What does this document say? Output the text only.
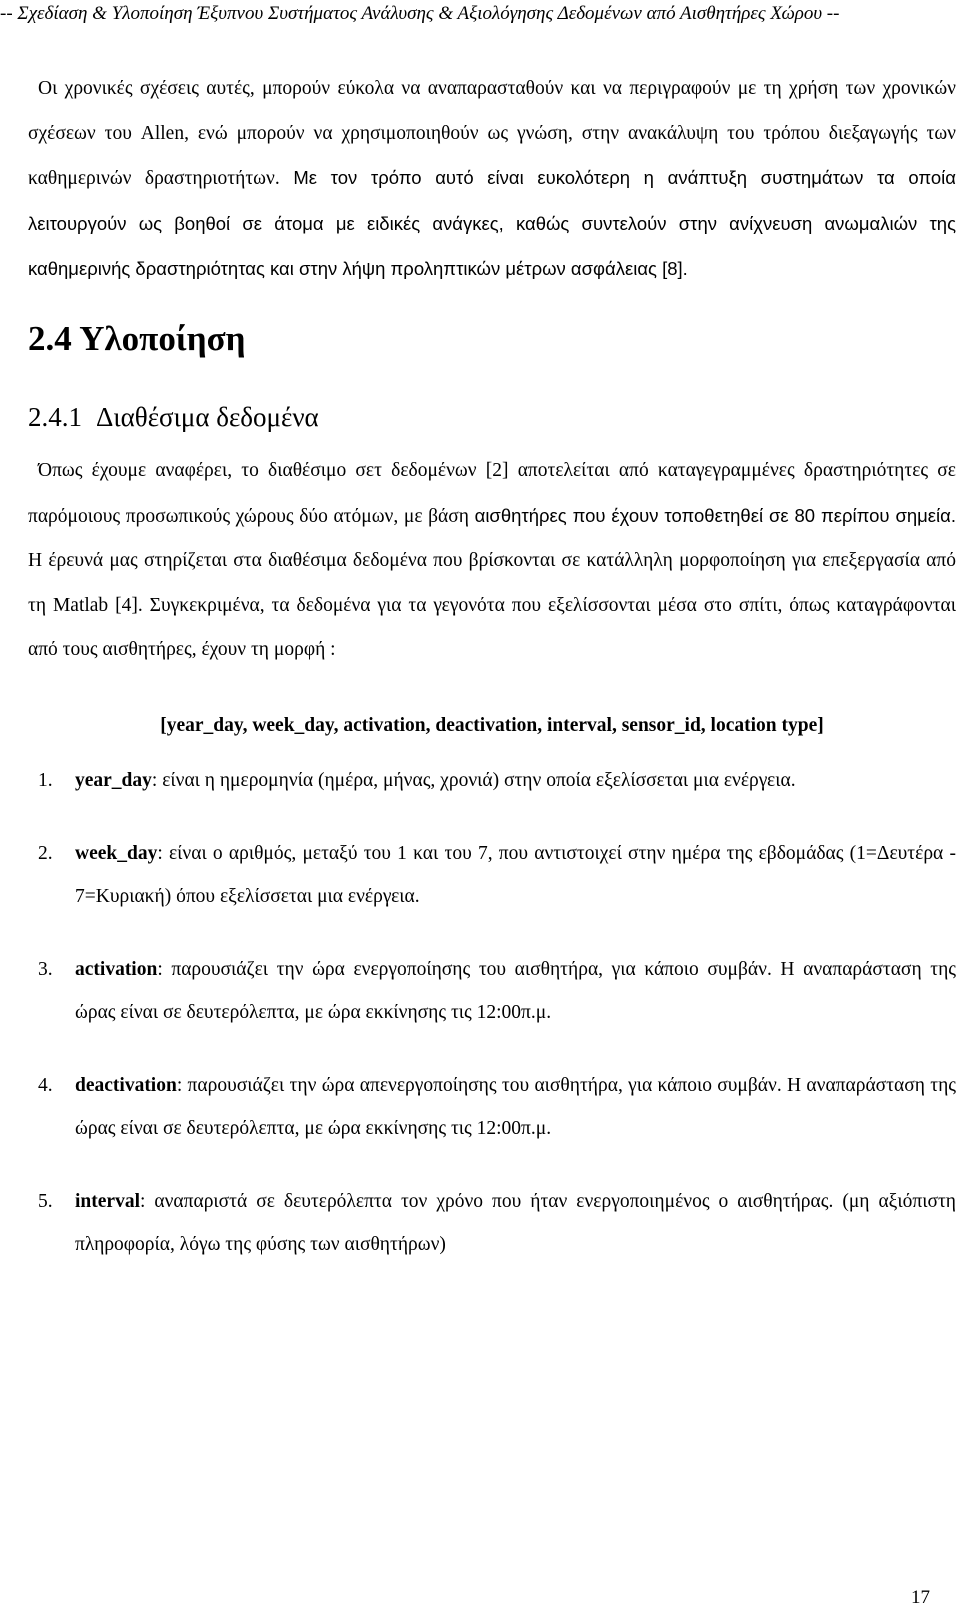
-- Σχεδίαση & Υλοποίηση Έξυπνου Συστήματος Ανάλυσης & Αξιολόγησης Δεδομένων από Αισθητήρες Χώρου --

Οι χρονικές σχέσεις αυτές, μπορούν εύκολα να αναπαρασταθούν και να περιγραφούν με τη χρήση των χρονικών σχέσεων του Allen, ενώ μπορούν να χρησιμοποιηθούν ως γνώση, στην ανακάλυψη του τρόπου διεξαγωγής των καθημερινών δραστηριοτήτων. Με τον τρόπο αυτό είναι ευκολότερη η ανάπτυξη συστημάτων τα οποία λειτουργούν ως βοηθοί σε άτομα με ειδικές ανάγκες, καθώς συντελούν στην ανίχνευση ανωμαλιών της καθημερινής δραστηριότητας και στην λήψη προληπτικών μέτρων ασφάλειας [8].

2.4 Υλοποίηση
2.4.1 Διαθέσιμα δεδομένα

Όπως έχουμε αναφέρει, το διαθέσιμο σετ δεδομένων [2] αποτελείται από καταγεγραμμένες δραστηριότητες σε παρόμοιους προσωπικούς χώρους δύο ατόμων, με βάση αισθητήρες που έχουν τοποθετηθεί σε 80 περίπου σημεία. Η έρευνά μας στηρίζεται στα διαθέσιμα δεδομένα που βρίσκονται σε κατάλληλη μορφοποίηση για επεξεργασία από τη Matlab [4]. Συγκεκριμένα, τα δεδομένα για τα γεγονότα που εξελίσσονται μέσα στο σπίτι, όπως καταγράφονται από τους αισθητήρες, έχουν τη μορφή :

[year_day, week_day, activation, deactivation, interval, sensor_id, location type]

1. year_day: είναι η ημερομηνία (ημέρα, μήνας, χρονιά) στην οποία εξελίσσεται μια ενέργεια.
2. week_day: είναι ο αριθμός, μεταξύ του 1 και του 7, που αντιστοιχεί στην ημέρα της εβδομάδας (1=Δευτέρα - 7=Κυριακή) όπου εξελίσσεται μια ενέργεια.
3. activation: παρουσιάζει την ώρα ενεργοποίησης του αισθητήρα, για κάποιο συμβάν. Η αναπαράσταση της ώρας είναι σε δευτερόλεπτα, με ώρα εκκίνησης τις 12:00π.μ.
4. deactivation: παρουσιάζει την ώρα απενεργοποίησης του αισθητήρα, για κάποιο συμβάν. Η αναπαράσταση της ώρας είναι σε δευτερόλεπτα, με ώρα εκκίνησης τις 12:00π.μ.
5. interval: αναπαριστά σε δευτερόλεπτα τον χρόνο που ήταν ενεργοποιημένος ο αισθητήρας. (μη αξιόπιστη πληροφορία, λόγω της φύσης των αισθητήρων)
17
